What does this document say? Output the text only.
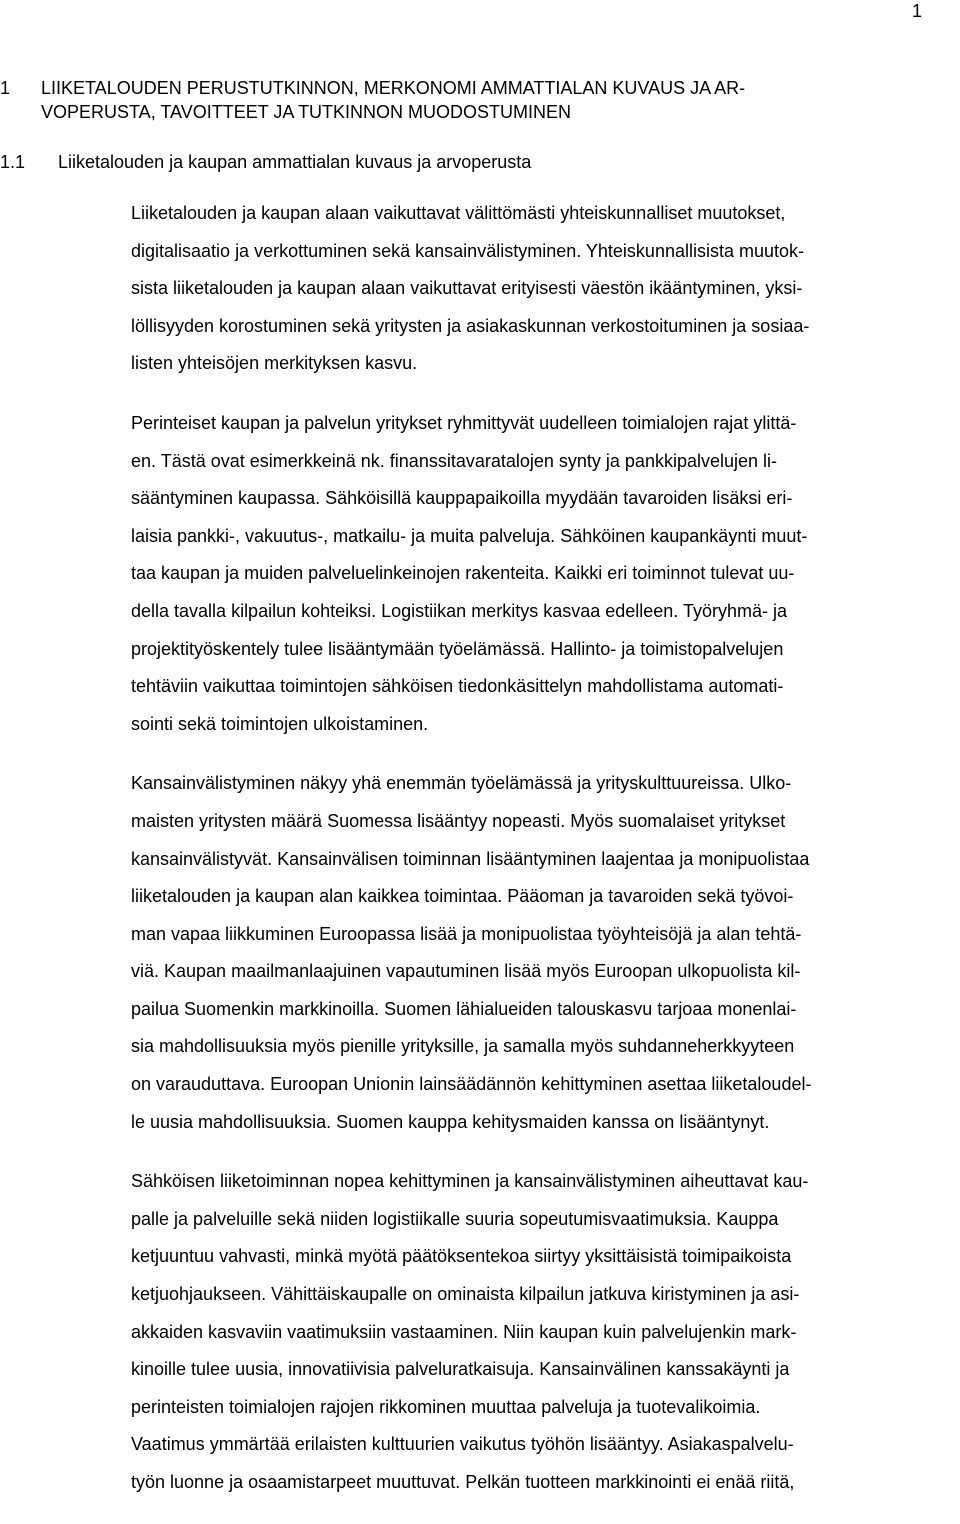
1
1 LIIKETALOUDEN PERUSTUTKINNON, MERKONOMI AMMATTIALAN KUVAUS JA AR-
VOPERUSTA, TAVOITTEET JA TUTKINNON MUODOSTUMINEN
1.1 Liiketalouden ja kaupan ammattialan kuvaus ja arvoperusta
Liiketalouden ja kaupan alaan vaikuttavat välittömästi yhteiskunnalliset muutokset,
digitalisaatio ja verkottuminen sekä kansainvälistyminen. Yhteiskunnallisista muutok-
sista liiketalouden ja kaupan alaan vaikuttavat erityisesti väestön ikääntyminen, yksi-
löllisyyden korostuminen sekä yritysten ja asiakaskunnan verkostoituminen ja sosiaa-
listen yhteisöjen merkityksen kasvu.
Perinteiset kaupan ja palvelun yritykset ryhmittyvät uudelleen toimialojen rajat ylittä-
en. Tästä ovat esimerkkeinä nk. finanssitavaratalojen synty ja pankkipalvelujen li-
sääntyminen kaupassa. Sähköisillä kauppapaikoilla myydään tavaroiden lisäksi eri-
laisia pankki-, vakuutus-, matkailu- ja muita palveluja. Sähköinen kaupankäynti muut-
taa kaupan ja muiden palveluelinkeinojen rakenteita. Kaikki eri toiminnot tulevat uu-
della tavalla kilpailun kohteiksi. Logistiikan merkitys kasvaa edelleen. Työryhmä- ja
projektityöskentely tulee lisääntymään työelämässä. Hallinto- ja toimistopalvelujen
tehtäviin vaikuttaa toimintojen sähköisen tiedonkäsittelyn mahdollistama automati-
sointi sekä toimintojen ulkoistaminen.
Kansainvälistyminen näkyy yhä enemmän työelämässä ja yrityskulttuureissa. Ulko-
maisten yritysten määrä Suomessa lisääntyy nopeasti. Myös suomalaiset yritykset
kansainvälistyvät. Kansainvälisen toiminnan lisääntyminen laajentaa ja monipuolistaa
liiketalouden ja kaupan alan kaikkea toimintaa. Pääoman ja tavaroiden sekä työvoi-
man vapaa liikkuminen Euroopassa lisää ja monipuolistaa työyhteisöjä ja alan tehtä-
viä. Kaupan maailmanlaajuinen vapautuminen lisää myös Euroopan ulkopuolista kil-
pailua Suomenkin markkinoilla. Suomen lähialueiden talouskasvu tarjoaa monenlai-
sia mahdollisuuksia myös pienille yrityksille, ja samalla myös suhdanneherkkyyteen
on varauduttava. Euroopan Unionin lainsäädännön kehittyminen asettaa liiketaloudel-
le uusia mahdollisuuksia. Suomen kauppa kehitysmaiden kanssa on lisääntynyt.
Sähköisen liiketoiminnan nopea kehittyminen ja kansainvälistyminen aiheuttavat kau-
palle ja palveluille sekä niiden logistiikalle suuria sopeutumisvaatimuksia. Kauppa
ketjuuntuu vahvasti, minkä myötä päätöksentekoa siirtyy yksittäisistä toimipaikoista
ketjuohjaukseen. Vähittäiskaupalle on ominaista kilpailun jatkuva kiristyminen ja asi-
akkaiden kasvaviin vaatimuksiin vastaaminen. Niin kaupan kuin palvelujenkin mark-
kinoille tulee uusia, innovatiivisia palveluratkaisuja. Kansainvälinen kanssakäynti ja
perinteisten toimialojen rajojen rikkominen muuttaa palveluja ja tuotevalikoimia.
Vaatimus ymmärtää erilaisten kulttuurien vaikutus työhön lisääntyy. Asiakaspalvelu-
työn luonne ja osaamistarpeet muuttuvat. Pelkän tuotteen markkinointi ei enää riitä,
